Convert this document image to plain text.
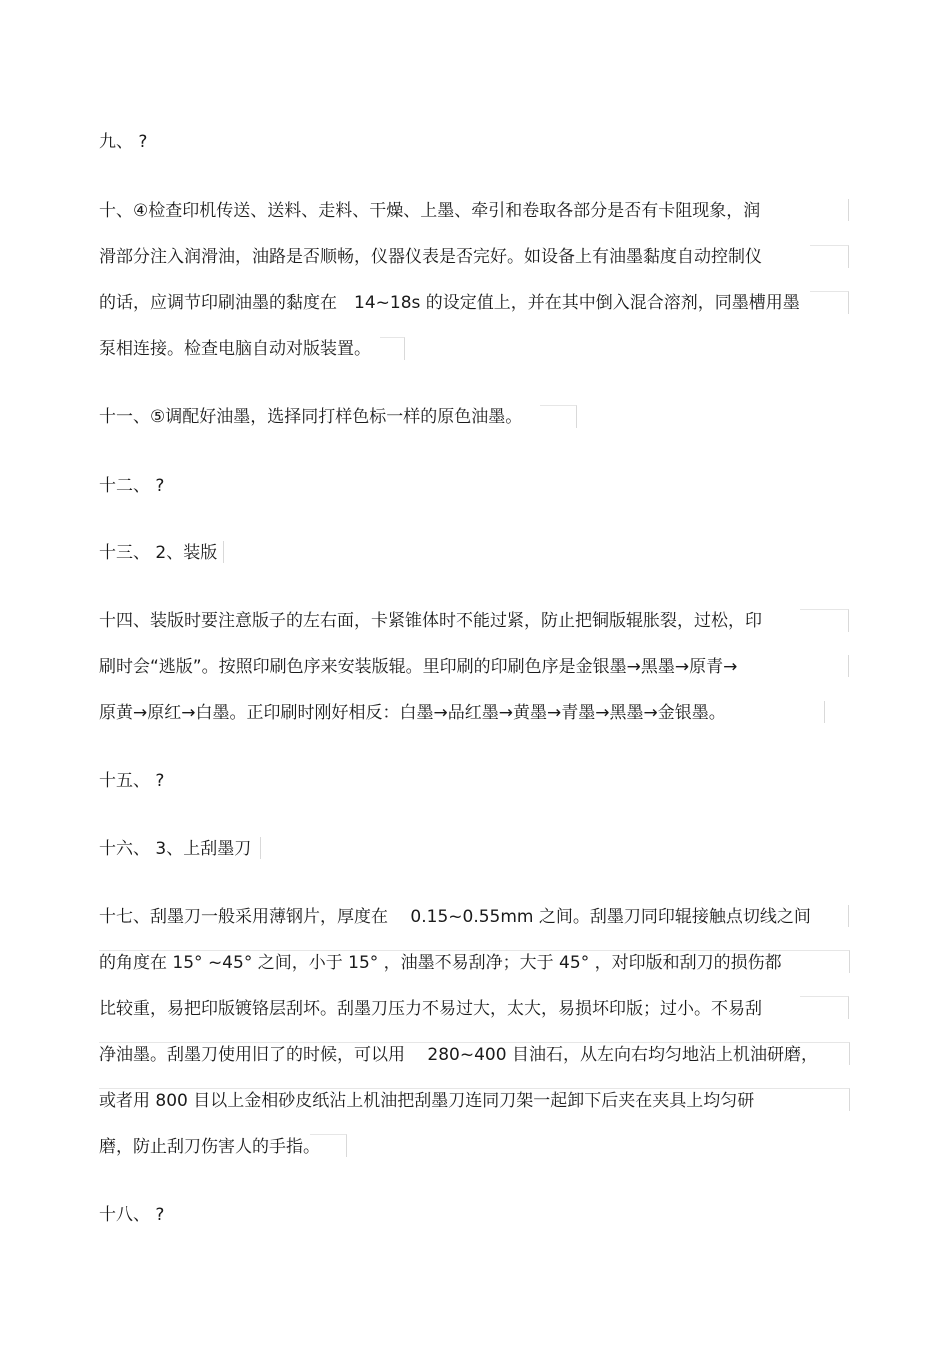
九、 ?
十、④检查印机传送、送料、走料、干燥、上墨、牵引和卷取各部分是否有卡阻现象，润
滑部分注入润滑油，油路是否顺畅，仪器仪表是否完好。如设备上有油墨黏度自动控制仪
的话，应调节印刷油墨的黏度在　14~18s 的设定值上，并在其中倒入混合溶剂，同墨槽用墨
泵相连接。检查电脑自动对版装置。
十一、⑤调配好油墨，选择同打样色标一样的原色油墨。
十二、 ?
十三、 2、装版
十四、装版时要注意版子的左右面，卡紧锥体时不能过紧，防止把铜版辊胀裂，过松，印
刷时会“逃版”。按照印刷色序来安装版辊。里印刷的印刷色序是金银墨→黑墨→原青→
原黄→原红→白墨。正印刷时刚好相反：白墨→品红墨→黄墨→青墨→黑墨→金银墨。
十五、 ?
十六、 3、上刮墨刀
十七、刮墨刀一般采用薄钢片，厚度在　 0.15~0.55mm 之间。刮墨刀同印辊接触点切线之间
的角度在 15° ~45° 之间，小于 15° ，油墨不易刮净；大于 45° ，对印版和刮刀的损伤都
比较重，易把印版镀铬层刮坏。刮墨刀压力不易过大，太大，易损坏印版；过小。不易刮
净油墨。刮墨刀使用旧了的时候，可以用　 280~400 目油石，从左向右均匀地沾上机油研磨，
或者用 800 目以上金相砂皮纸沾上机油把刮墨刀连同刀架一起卸下后夹在夹具上均匀研
磨，防止刮刀伤害人的手指。
十八、 ?
